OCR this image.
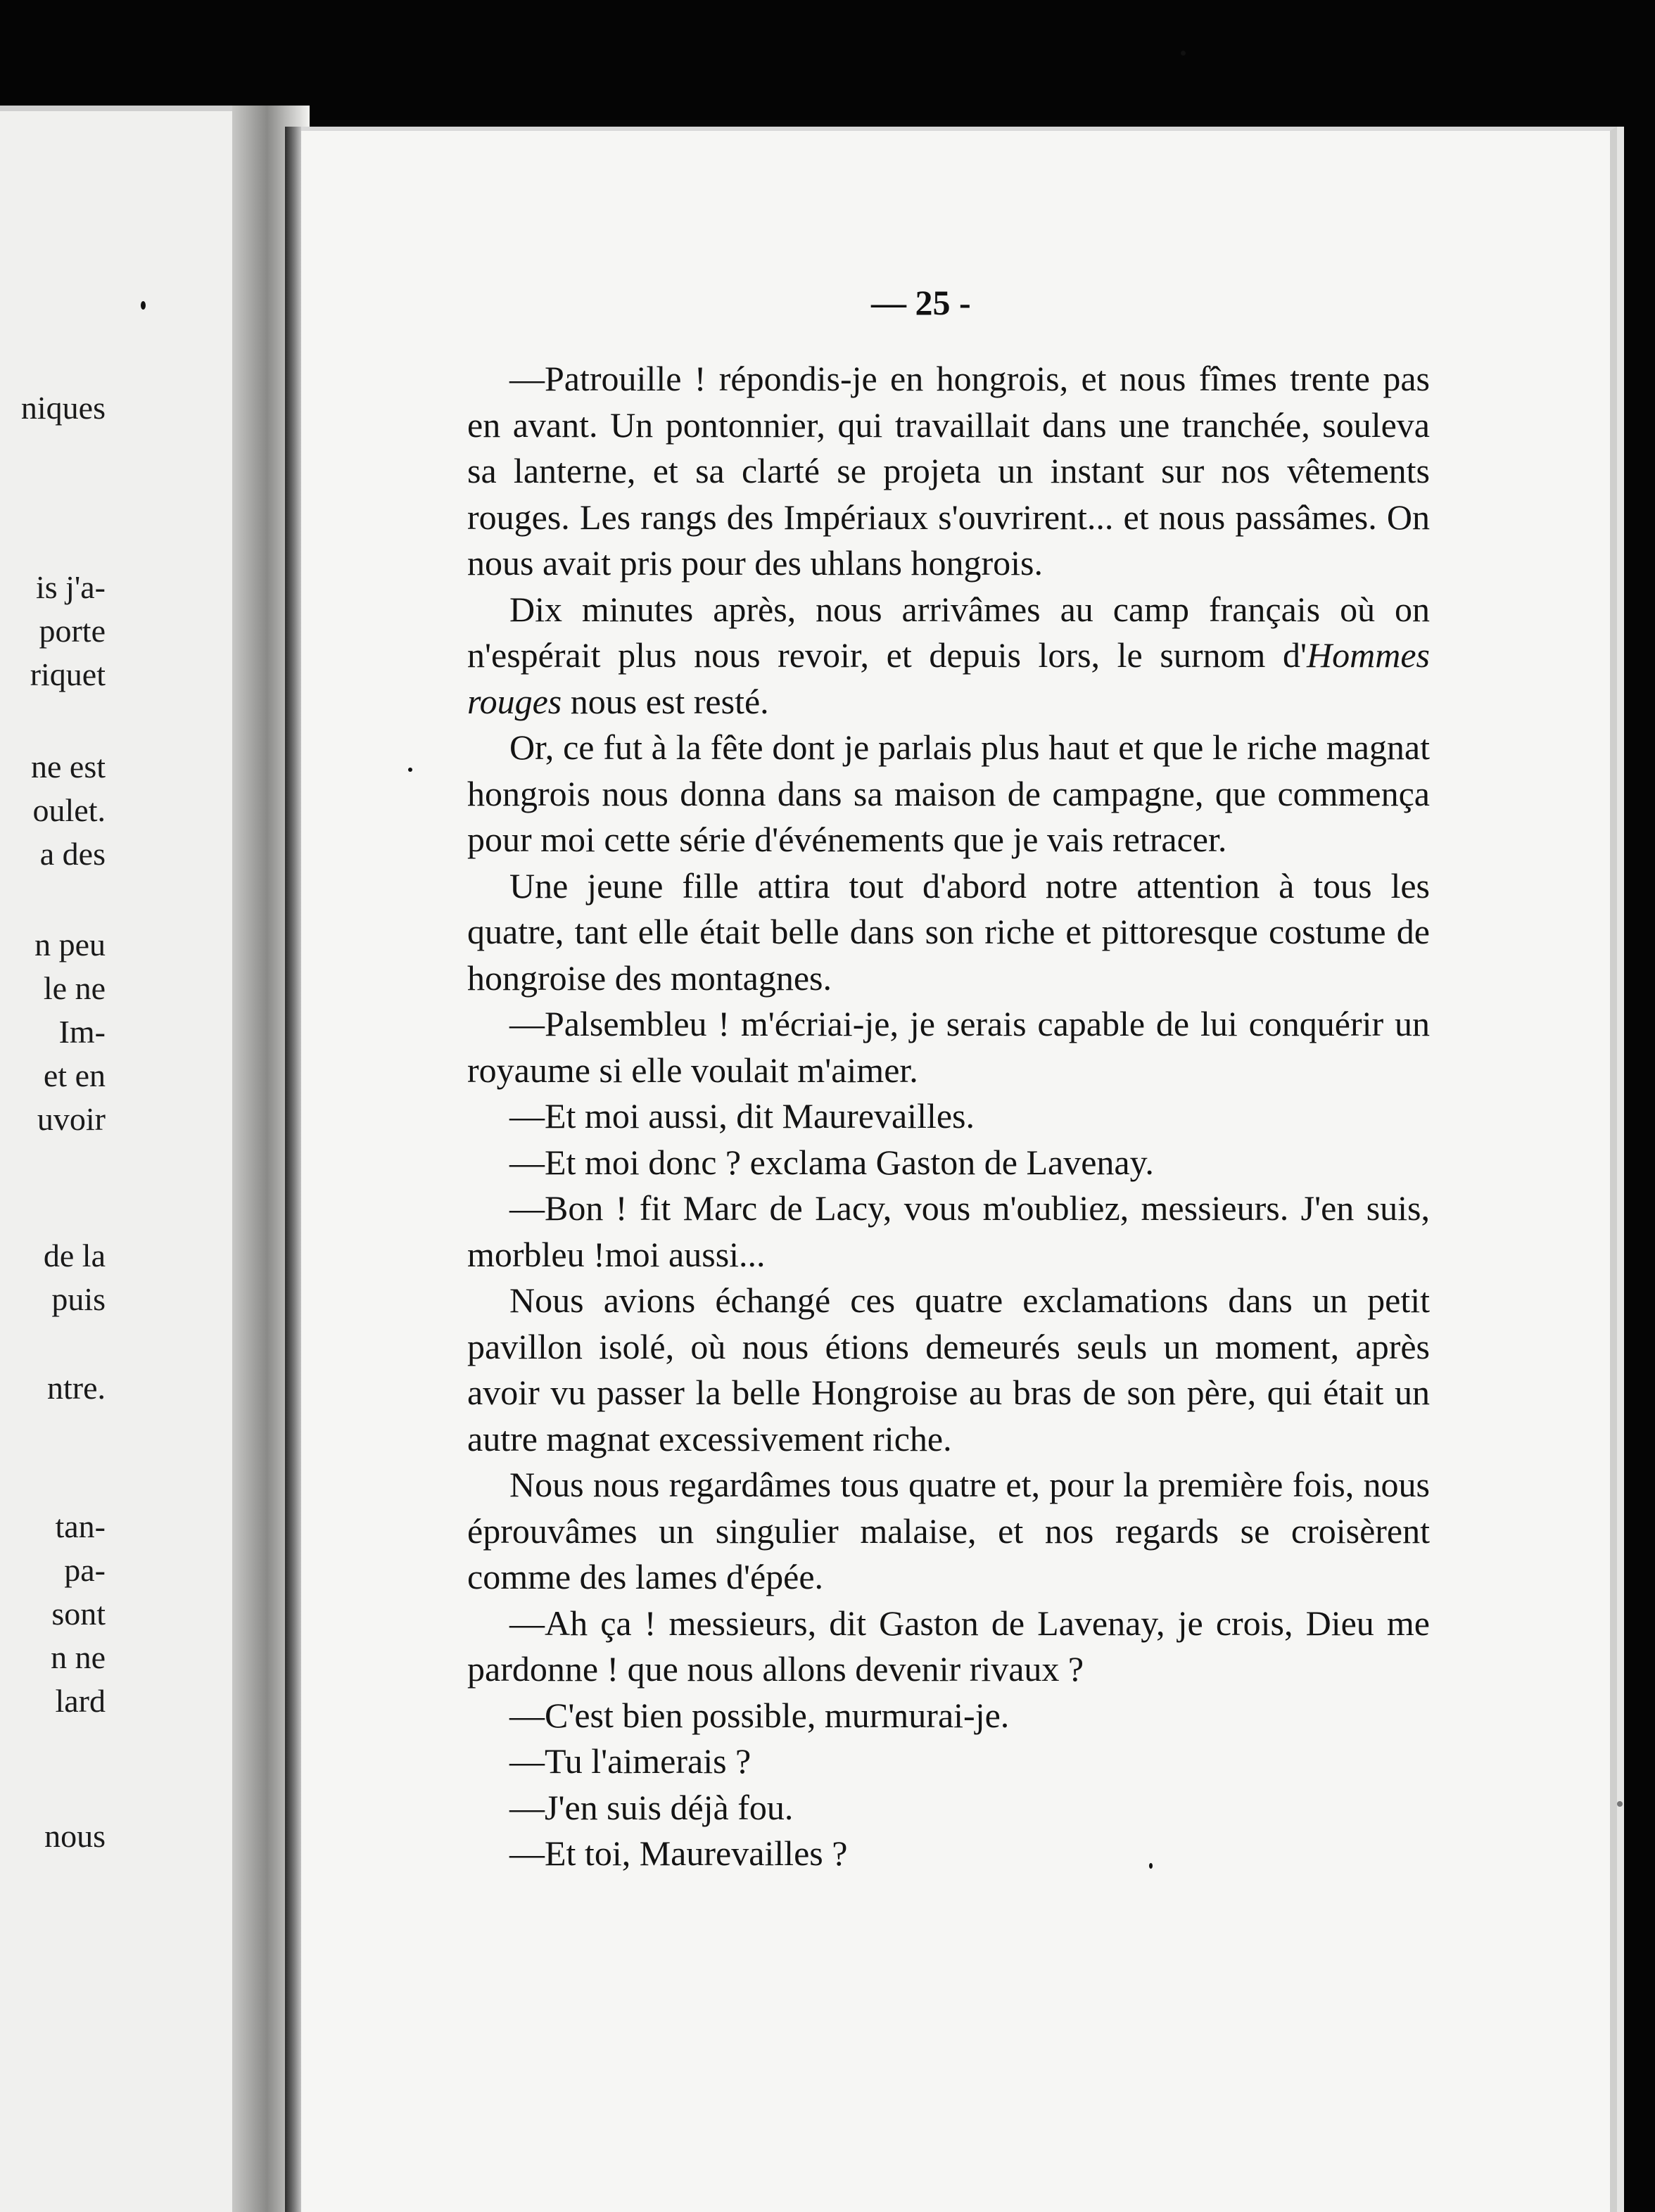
niques
is j'a-
porte
riquet
ne est
oulet.
a des
n peu
le ne
Im-
et en
uvoir
de la
puis
ntre.
tan-
pa-
sont
n ne
lard
nous
— 25 -

—Patrouille ! répondis-je en hongrois, et nous fîmes trente pas en avant. Un pontonnier, qui travaillait dans une tranchée, souleva sa lanterne, et sa clarté se projeta un instant sur nos vêtements rouges. Les rangs des Impériaux s'ouvrirent... et nous passâmes. On nous avait pris pour des uhlans hongrois.

Dix minutes après, nous arrivâmes au camp français où on n'espérait plus nous revoir, et depuis lors, le surnom d'Hommes rouges nous est resté.

Or, ce fut à la fête dont je parlais plus haut et que le riche magnat hongrois nous donna dans sa maison de campagne, que commença pour moi cette série d'événements que je vais retracer.

Une jeune fille attira tout d'abord notre attention à tous les quatre, tant elle était belle dans son riche et pittoresque costume de hongroise des montagnes.

—Palsembleu ! m'écriai-je, je serais capable de lui conquérir un royaume si elle voulait m'aimer.

—Et moi aussi, dit Maurevailles.

—Et moi donc ? exclama Gaston de Lavenay.

—Bon ! fit Marc de Lacy, vous m'oubliez, messieurs. J'en suis, morbleu !moi aussi...

Nous avions échangé ces quatre exclamations dans un petit pavillon isolé, où nous étions demeurés seuls un moment, après avoir vu passer la belle Hongroise au bras de son père, qui était un autre magnat excessivement riche.

Nous nous regardâmes tous quatre et, pour la première fois, nous éprouvâmes un singulier malaise, et nos regards se croisèrent comme des lames d'épée.

—Ah ça ! messieurs, dit Gaston de Lavenay, je crois, Dieu me pardonne ! que nous allons devenir rivaux ?

—C'est bien possible, murmurai-je.

—Tu l'aimerais ?

—J'en suis déjà fou.

—Et toi, Maurevailles ?
